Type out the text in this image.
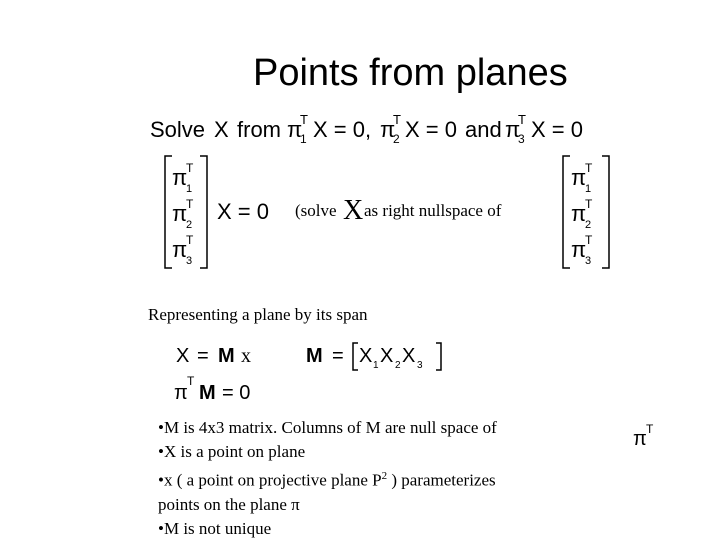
Points from planes
Solve X from π
T
1 X = 0, π
T
2 X = 0 and π
T
3 X = 0
π
T
1
π
T
2
π
T
3
X = 0 (solve X as right nullspace of
π
T
1
π
T
2
π
T
3
Representing a plane by its span
X = M x	M = X 1 X 2 X 3
π
T
M = 0
π T
•M is 4x3 matrix. Columns of M are null space of
•X is a point on plane
•x ( a point on projective plane $P^2$ ) parameterizes
points on the plane π
•M is not unique
